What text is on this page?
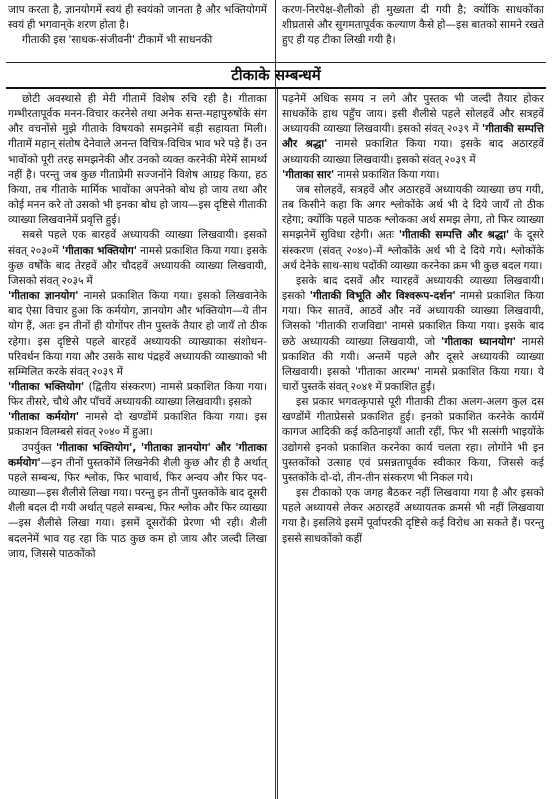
जाप करता है, ज्ञानयोगमें स्वयं ही स्वयंको जानता है और भक्तियोगमें स्वयं ही भगवान्‌के शरण होता है।

गीताकी इस 'साधक-संजीवनी' टीकामें भी साधनकी

करण-निरपेक्ष-शैलीको ही मुख्यता दी गयी है; क्योंकि साधकोंका शीघ्रतासे और सुगमतापूर्वक कल्याण कैसे हो—इस बातको सामने रखते हुए ही यह टीका लिखी गयी है।

टीकाके सम्बन्धमें

छोटी अवस्थासे ही मेरी गीतामें विशेष रुचि रही है। गीताका गम्भीरतापूर्वक मनन-विचार करनेसे तथा अनेक सन्त-महापुरुषोंके संग और वचनोंसे मुझे गीताके विषयको समझनेमें बड़ी सहायता मिली। गीतामें महान् संतोष देनेवाले अनन्त विचित्र-विचित्र भाव भरे पड़े हैं। उन भावोंको पूरी तरह समझनेकी और उनको व्यक्त करनेकी मेरेमें सामर्थ्य नहीं है। परन्तु जब कुछ गीताप्रेमी सज्जनोंने विशेष आग्रह किया, हठ किया, तब गीताके मार्मिक भावोंका अपनेको बोध हो जाय तथा और कोई मनन करे तो उसको भी इनका बोध हो जाय—इस दृष्टिसे गीताकी व्याख्या लिखवानेमें प्रवृत्ति हुई।

सबसे पहले एक बारहवें अध्यायकी व्याख्या लिखवायी। इसको संवत् २०३०में 'गीताका भक्तियोग' नामसे प्रकाशित किया गया। इसके कुछ वर्षोंके बाद तेरहवें और चौदहवें अध्यायकी व्याख्या लिखवायी, जिसको संवत् २०३५ में

'गीताका ज्ञानयोग' नामसे प्रकाशित किया गया। इसको लिखवानेके बाद ऐसा विचार हुआ कि कर्मयोग, ज्ञानयोग और भक्तियोग—ये तीन योग हैं, अतः इन तीनों ही योगोंपर तीन पुस्तकें तैयार हो जायँ तो ठीक रहेगा। इस दृष्टिसे पहले बारहवें अध्यायकी व्याख्याका संशोधन-परिवर्धन किया गया और उसके साथ पंद्रहवें अध्यायकी व्याख्याको भी सम्मिलित करके संवत् २०३९ में

'गीताका भक्तियोग' (द्वितीय संस्करण) नामसे प्रकाशित किया गया। फिर तीसरे, चौथे और पाँचवें अध्यायकी व्याख्या लिखवायी। इसको

'गीताका कर्मयोग' नामसे दो खण्डोंमें प्रकाशित किया गया। इस प्रकाशन विलम्बसे संवत् २०४० में हुआ।

उपर्युक्त 'गीताका भक्तियोग', 'गीताका ज्ञानयोग' और 'गीताका कर्मयोग'—इन तीनों पुस्तकोंमें लिखनेकी शैली कुछ और ही है अर्थात् पहले सम्बन्ध, फिर श्लोक, फिर भावार्थ, फिर अन्वय और फिर पद-व्याख्या—इस शैलीसे लिखा गया। परन्तु इन तीनों पुस्तकोंके बाद दूसरी शैली बदल दी गयी अर्थात् पहले सम्बन्ध, फिर श्लोक और फिर व्याख्या—इस शैलीसे लिखा गया। इसमें दूसरोंकी प्रेरणा भी रही। शैली बदलनेमें भाव यह रहा कि पाठ कुछ कम हो जाय और जल्दी लिखा जाय, जिससे पाठकोंको

पढ़नेमें अधिक समय न लगे और पुस्तक भी जल्दी तैयार होकर साधकोंके हाथ पहुँच जाय। इसी शैलीसे पहले सोलहवें और सत्रहवें अध्यायकी व्याख्या लिखवायी। इसको संवत् २०३९ में 'गीताकी सम्पत्ति और श्रद्धा' नामसे प्रकाशित किया गया। इसके बाद अठारहवें अध्यायकी व्याख्या लिखवायी। इसको संवत् २०३९ में

'गीताका सार' नामसे प्रकाशित किया गया।

जब सोलहवें, सत्रहवें और अठारहवें अध्यायकी व्याख्या छप गयी, तब किसीने कहा कि अगर श्लोकोंके अर्थ भी दे दिये जायँ तो ठीक रहेगा; क्योंकि पहले पाठक श्लोकका अर्थ समझ लेगा, तो फिर व्याख्या समझनेमें सुविधा रहेगी। अतः 'गीताकी सम्पत्ति और श्रद्धा' के दूसरे संस्करण (संवत् २०४०)-में श्लोकोंके अर्थ भी दे दिये गये। श्लोकोंके अर्थ देनेके साथ-साथ पदोंकी व्याख्या करनेका क्रम भी कुछ बदल गया।

इसके बाद दसवें और ग्यारहवें अध्यायकी व्याख्या लिखवायी। इसको 'गीताकी विभूति और विश्वरूप-दर्शन' नामसे प्रकाशित किया गया। फिर सातवें, आठवें और नवें अध्यायकी व्याख्या लिखवायी, जिसको 'गीताकी राजविद्या' नामसे प्रकाशित किया गया। इसके बाद छठे अध्यायकी व्याख्या लिखवायी, जो 'गीताका ध्यानयोग' नामसे प्रकाशित की गयी। अन्तमें पहले और दूसरे अध्यायकी व्याख्या लिखवायी। इसको 'गीताका आरम्भ' नामसे प्रकाशित किया गया। ये चारों पुस्तकें संवत् २०४१ में प्रकाशित हुईं।

इस प्रकार भगवत्कृपासे पूरी गीताकी टीका अलग-अलग कुल दस खण्डोंमें गीताप्रेससे प्रकाशित हुई। इनको प्रकाशित करनेके कार्यमें कागज आदिकी कई कठिनाइयाँ आती रहीं, फिर भी सत्संगी भाइयोंके उद्योगसे इनको प्रकाशित करनेका कार्य चलता रहा। लोगोंने भी इन पुस्तकोंको उत्साह एवं प्रसन्नतापूर्वक स्वीकार किया, जिससे कई पुस्तकोंके दो-दो, तीन-तीन संस्करण भी निकल गये।

इस टीकाको एक जगह बैठकर नहीं लिखवाया गया है और इसको पहले अध्यायसे लेकर अठारहवें अध्यायतक क्रमसे भी नहीं लिखवाया गया है। इसलिये इसमें पूर्वापरकी दृष्टिसे कई विरोध आ सकते हैं। परन्तु इससे साधकोंको कहीं
